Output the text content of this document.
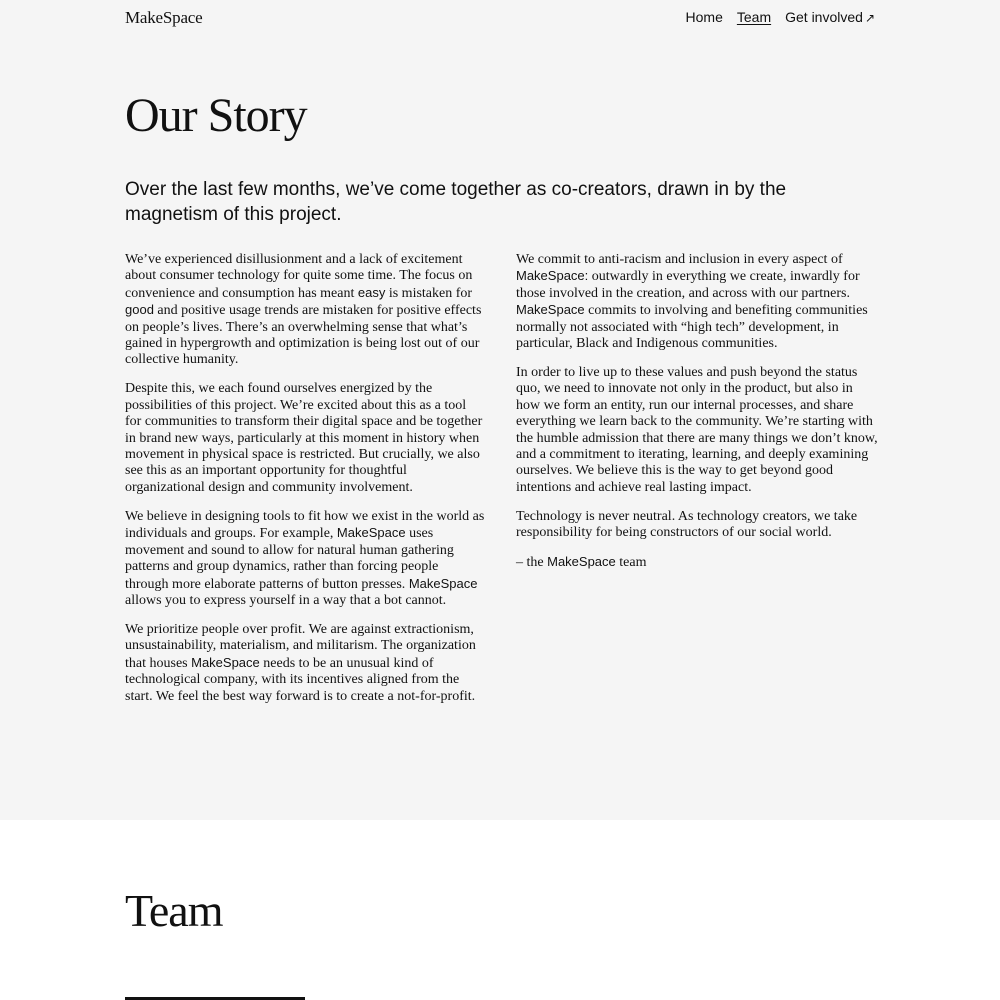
MakeSpace	Home Team Get involved ↗
Our Story
Over the last few months, we’ve come together as co-creators, drawn in by the magnetism of this project.

We’ve experienced disillusionment and a lack of excitement about consumer technology for quite some time. The focus on convenience and consumption has meant easy is mistaken for good and positive usage trends are mistaken for positive effects on people’s lives. There’s an overwhelming sense that what’s gained in hypergrowth and optimization is being lost out of our collective humanity.

Despite this, we each found ourselves energized by the possibilities of this project. We’re excited about this as a tool for communities to transform their digital space and be together in brand new ways, particularly at this moment in history when movement in physical space is restricted. But crucially, we also see this as an important opportunity for thoughtful organizational design and community involvement.

We believe in designing tools to fit how we exist in the world as individuals and groups. For example, MakeSpace uses movement and sound to allow for natural human gathering patterns and group dynamics, rather than forcing people through more elaborate patterns of button presses. MakeSpace allows you to express yourself in a way that a bot cannot.

We prioritize people over profit. We are against extractionism, unsustainability, materialism, and militarism. The organization that houses MakeSpace needs to be an unusual kind of technological company, with its incentives aligned from the start. We feel the best way forward is to create a not-for-profit.

We commit to anti-racism and inclusion in every aspect of MakeSpace: outwardly in everything we create, inwardly for those involved in the creation, and across with our partners. MakeSpace commits to involving and benefiting communities normally not associated with “high tech” development, in particular, Black and Indigenous communities.

In order to live up to these values and push beyond the status quo, we need to innovate not only in the product, but also in how we form an entity, run our internal processes, and share everything we learn back to the community. We’re starting with the humble admission that there are many things we don’t know, and a commitment to iterating, learning, and deeply examining ourselves. We believe this is the way to get beyond good intentions and achieve real lasting impact.

Technology is never neutral. As technology creators, we take responsibility for being constructors of our social world.

– the MakeSpace team

Team
